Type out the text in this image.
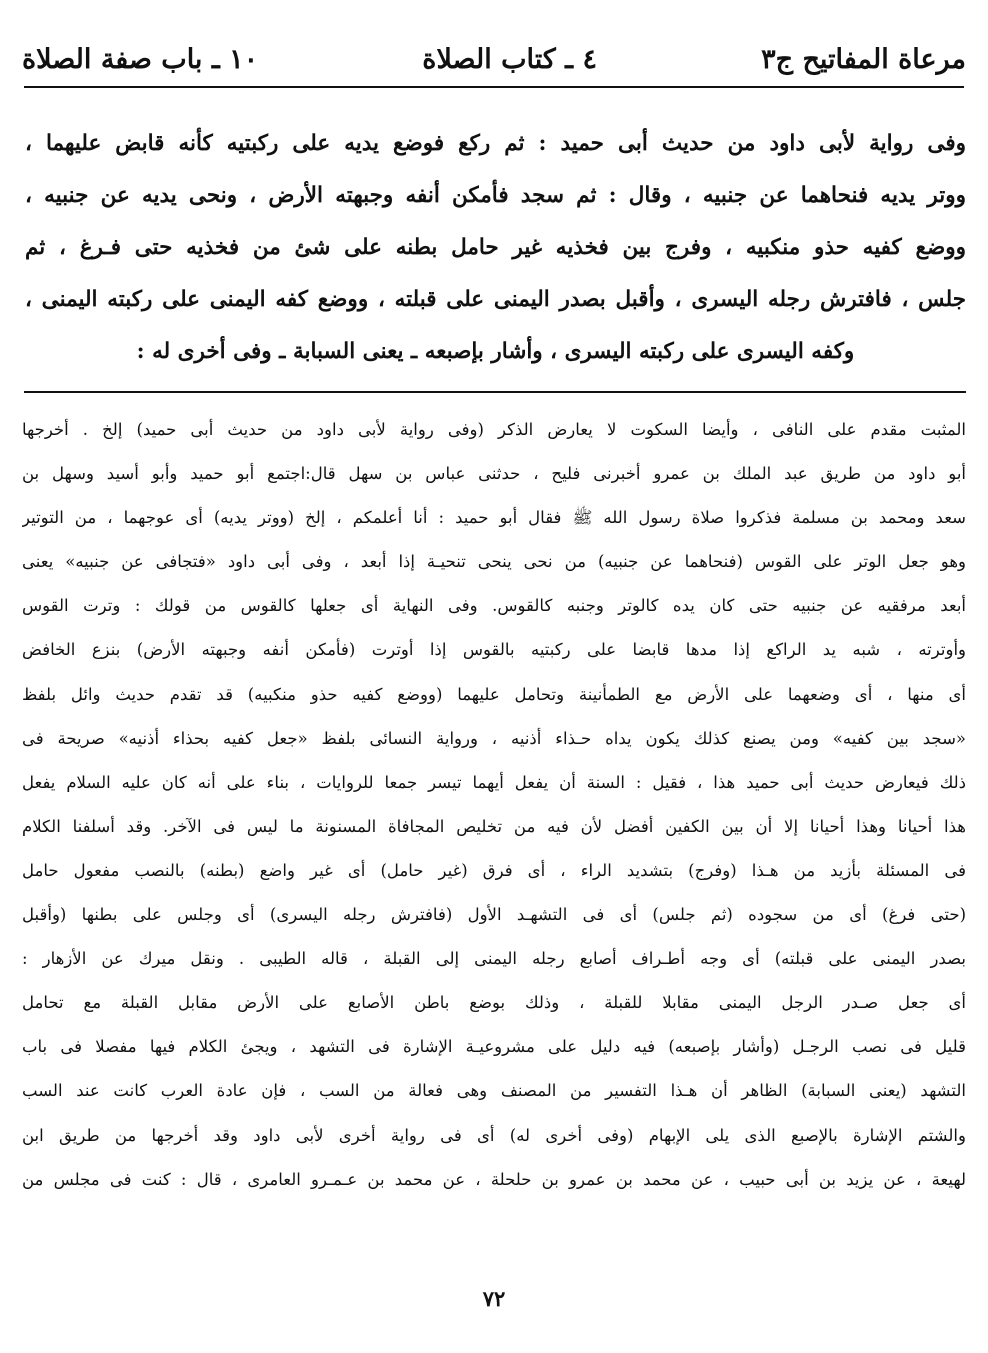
مرعاة المفاتيح ج٣
٤ ـ كتاب الصلاة
١٠ ـ باب صفة الصلاة
وفى رواية لأبى داود من حديث أبى حميد : ثم ركع فوضع يديه على ركبتيه كأنه قابض عليهما ،
ووتر يديه فنحاهما عن جنبيه ، وقال : ثم سجد فأمكن أنفه وجبهته الأرض ، ونحى يديه عن جنبيه ،
ووضع كفيه حذو منكبيه ، وفرج بين فخذيه غير حامل بطنه على شئ من فخذيه حتى فـرغ ، ثم
جلس ، فافترش رجله اليسرى ، وأقبل بصدر اليمنى على قبلته ، ووضع كفه اليمنى على ركبته اليمنى ،
وكفه اليسرى على ركبته اليسرى ، وأشار بإصبعه ـ يعنى السبابة ـ وفى أخرى له :
المثبت مقدم على النافى ، وأيضا السكوت لا يعارض الذكر (وفى رواية لأبى داود من حديث أبى حميد) إلخ . أخرجها
أبو داود من طريق عبد الملك بن عمرو أخبرنى فليح ، حدثنى عباس بن سهل قال:اجتمع أبو حميد وأبو أسيد وسهل بن
سعد ومحمد بن مسلمة فذكروا صلاة رسول الله ﷺ فقال أبو حميد : أنا أعلمكم ، إلخ (ووتر يديه) أى عوجهما ، من التوتير
وهو جعل الوتر على القوس (فنحاهما عن جنبيه) من نحى ينحى تنحيـة إذا أبعد ، وفى أبى داود «فتجافى عن جنبيه» يعنى
أبعد مرفقيه عن جنبيه حتى كان يده كالوتر وجنبه كالقوس. وفى النهاية أى جعلها كالقوس من قولك : وترت القوس
وأوترته ، شبه يد الراكع إذا مدها قابضا على ركبتيه بالقوس إذا أوترت (فأمكن أنفه وجبهته الأرض) بنزع الخافض
أى منها ، أى وضعهما على الأرض مع الطمأنينة وتحامل عليهما (ووضع كفيه حذو منكبيه) قد تقدم حديث وائل بلفظ
«سجد بين كفيه» ومن يصنع كذلك يكون يداه حـذاء أذنيه ، ورواية النسائى بلفظ «جعل كفيه بحذاء أذنيه» صريحة فى
ذلك فيعارض حديث أبى حميد هذا ، فقيل : السنة أن يفعل أيهما تيسر جمعا للروايات ، بناء على أنه كان عليه السلام يفعل
هذا أحيانا وهذا أحيانا إلا أن بين الكفين أفضل لأن فيه من تخليص المجافاة المسنونة ما ليس فى الآخر. وقد أسلفنا الكلام
فى المسئلة بأزيد من هـذا (وفرج) بتشديد الراء ، أى فرق (غير حامل) أى غير واضع (بطنه) بالنصب مفعول حامل
(حتى فرغ) أى من سجوده (ثم جلس) أى فى التشهـد الأول (فافترش رجله اليسرى) أى وجلس على بطنها (وأقبل
بصدر اليمنى على قبلته) أى وجه أطـراف أصابع رجله اليمنى إلى القبلة ، قاله الطيبى . ونقل ميرك عن الأزهار :
أى جعل صـدر الرجل اليمنى مقابلا للقبلة ، وذلك بوضع باطن الأصابع على الأرض مقابل القبلة مع تحامل
قليل فى نصب الرجـل (وأشار بإصبعه) فيه دليل على مشروعيـة الإشارة فى التشهد ، ويجئ الكلام فيها مفصلا فى باب
التشهد (يعنى السبابة) الظاهر أن هـذا التفسير من المصنف وهى فعالة من السب ، فإن عادة العرب كانت عند السب
والشتم الإشارة بالإصبع الذى يلى الإبهام (وفى أخرى له) أى فى رواية أخرى لأبى داود وقد أخرجها من طريق ابن
لهيعة ، عن يزيد بن أبى حبيب ، عن محمد بن عمرو بن حلحلة ، عن محمد بن عـمـرو العامرى ، قال : كنت فى مجلس من
٧٢
